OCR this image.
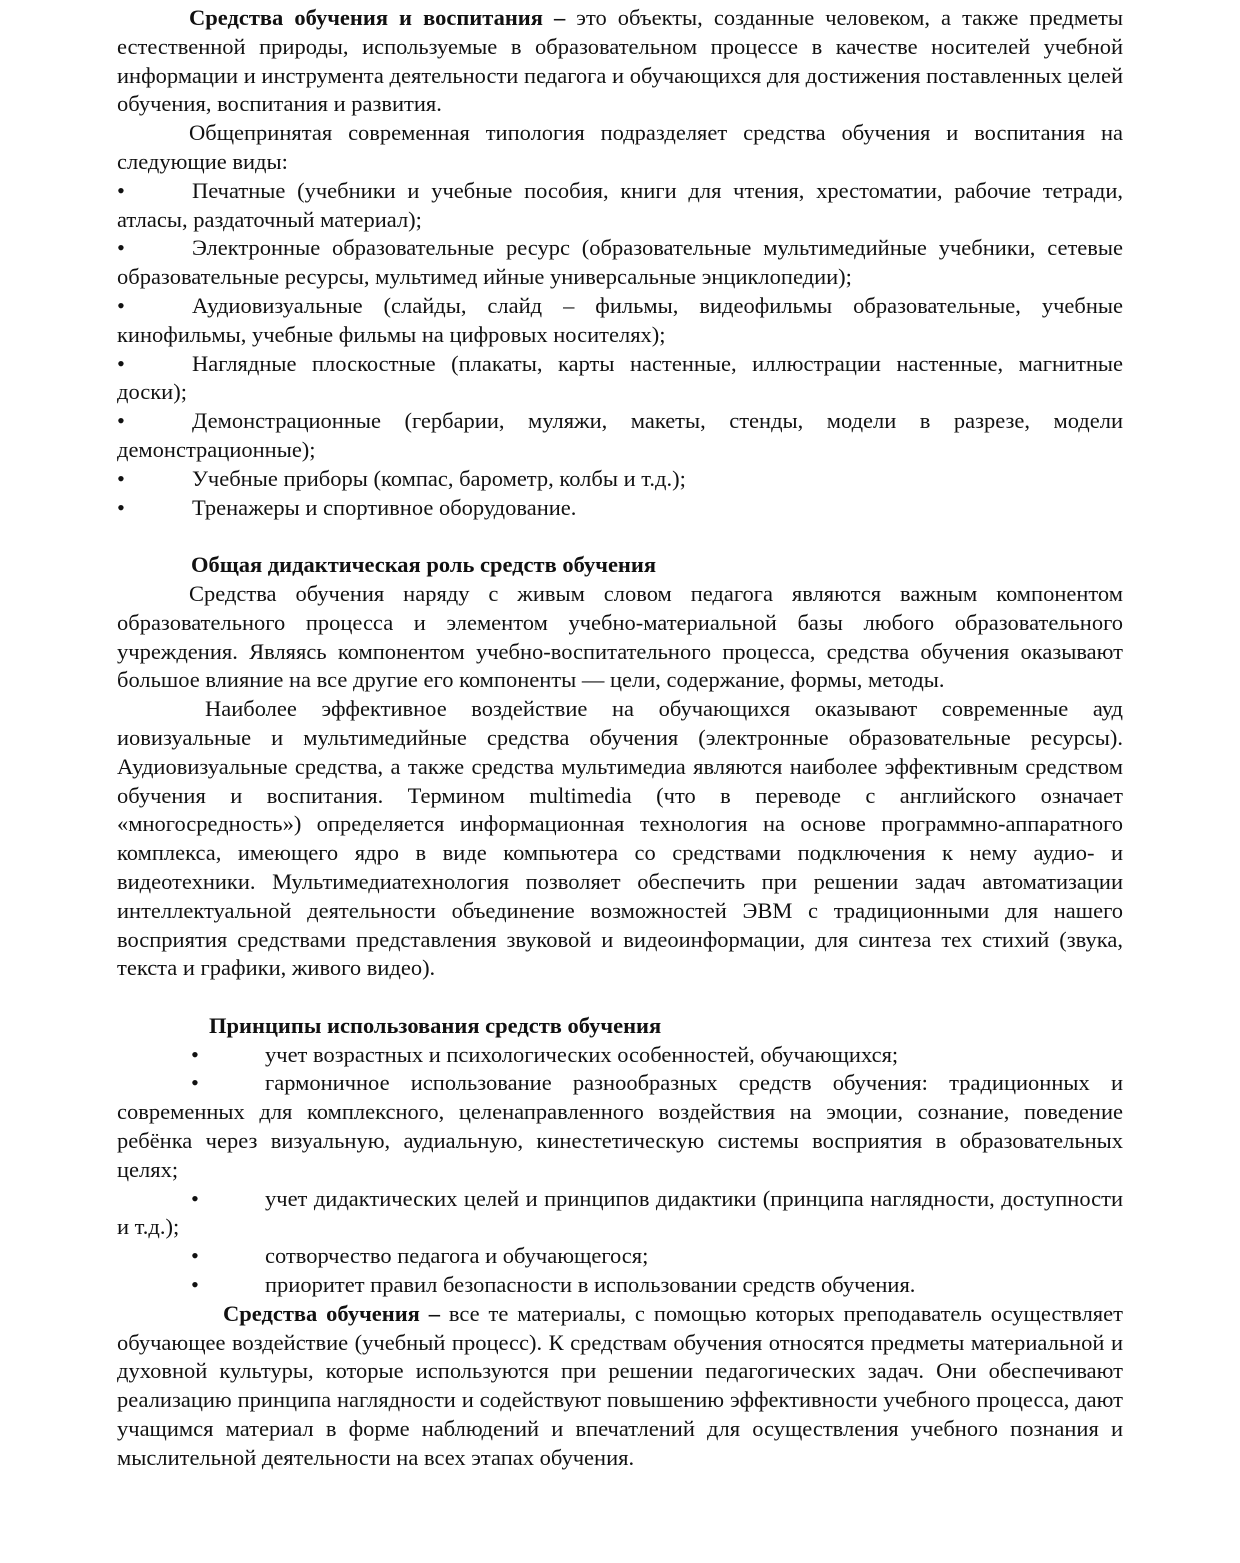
Средства обучения и воспитания – это объекты, созданные человеком, а также предметы естественной природы, используемые в образовательном процессе в качестве носителей учебной информации и инструмента деятельности педагога и обучающихся для достижения поставленных целей обучения, воспитания и развития.

Общепринятая современная типология подразделяет средства обучения и воспитания на следующие виды:

•	Печатные (учебники и учебные пособия, книги для чтения, хрестоматии, рабочие тетради, атласы, раздаточный материал);
•	Электронные образовательные ресурс (образовательные мультимедийные учебники, сетевые образовательные ресурсы, мультимед ийные универсальные энциклопедии);
•	Аудиовизуальные (слайды, слайд – фильмы, видеофильмы образовательные, учебные кинофильмы, учебные фильмы на цифровых носителях);
•	Наглядные плоскостные (плакаты, карты настенные, иллюстрации настенные, магнитные доски);
•	Демонстрационные (гербарии, муляжи, макеты, стенды, модели в разрезе, модели демонстрационные);
•	Учебные приборы (компас, барометр, колбы и т.д.);
•	Тренажеры и спортивное оборудование.
Общая дидактическая роль средств обучения

Средства обучения наряду с живым словом педагога являются важным компонентом образовательного процесса и элементом учебно-материальной базы любого образовательного учреждения. Являясь компонентом учебно-воспитательного процесса, средства обучения оказывают большое влияние на все другие его компоненты — цели, содержание, формы, методы.

Наиболее эффективное воздействие на обучающихся оказывают современные ауд иовизуальные и мультимедийные средства обучения (электронные образовательные ресурсы). Аудиовизуальные средства, а также средства мультимедиа являются наиболее эффективным средством обучения и воспитания. Термином multimedia (что в переводе с английского означает «многосредность») определяется информационная технология на основе программно-аппаратного комплекса, имеющего ядро в виде компьютера со средствами подключения к нему аудио- и видеотехники. Мультимедиатехнология позволяет обеспечить при решении задач автоматизации интеллектуальной деятельности объединение возможностей ЭВМ с традиционными для нашего восприятия средствами представления звуковой и видеоинформации, для синтеза тех стихий (звука, текста и графики, живого видео).

Принципы использования средств обучения
•	учет возрастных и психологических особенностей, обучающихся;
•	гармоничное использование разнообразных средств обучения: традиционных и современных для комплексного, целенаправленного воздействия на эмоции, сознание, поведение ребёнка через визуальную, аудиальную, кинестетическую системы восприятия в образовательных целях;
•	учет дидактических целей и принципов дидактики (принципа наглядности, доступности и т.д.);
•	сотворчество педагога и обучающегося;
•	приоритет правил безопасности в использовании средств обучения.

Средства обучения – все те материалы, с помощью которых преподаватель осуществляет обучающее воздействие (учебный процесс). К средствам обучения относятся предметы материальной и духовной культуры, которые используются при решении педагогических задач. Они обеспечивают реализацию принципа наглядности и содействуют повышению эффективности учебного процесса, дают учащимся материал в форме наблюдений и впечатлений для осуществления учебного познания и мыслительной деятельности на всех этапах обучения.
